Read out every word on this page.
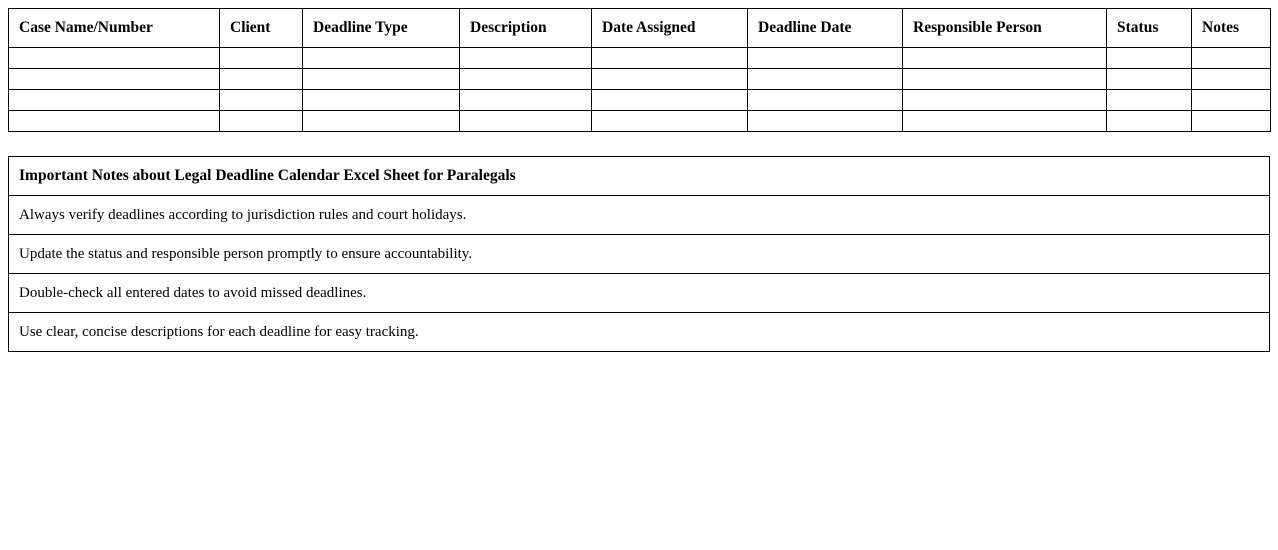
Case Name/Number	Client	Deadline Type	Description	Date Assigned	Deadline Date	Responsible Person	Status	Notes

Important Notes about Legal Deadline Calendar Excel Sheet for Paralegals
Always verify deadlines according to jurisdiction rules and court holidays.
Update the status and responsible person promptly to ensure accountability.
Double-check all entered dates to avoid missed deadlines.
Use clear, concise descriptions for each deadline for easy tracking.
